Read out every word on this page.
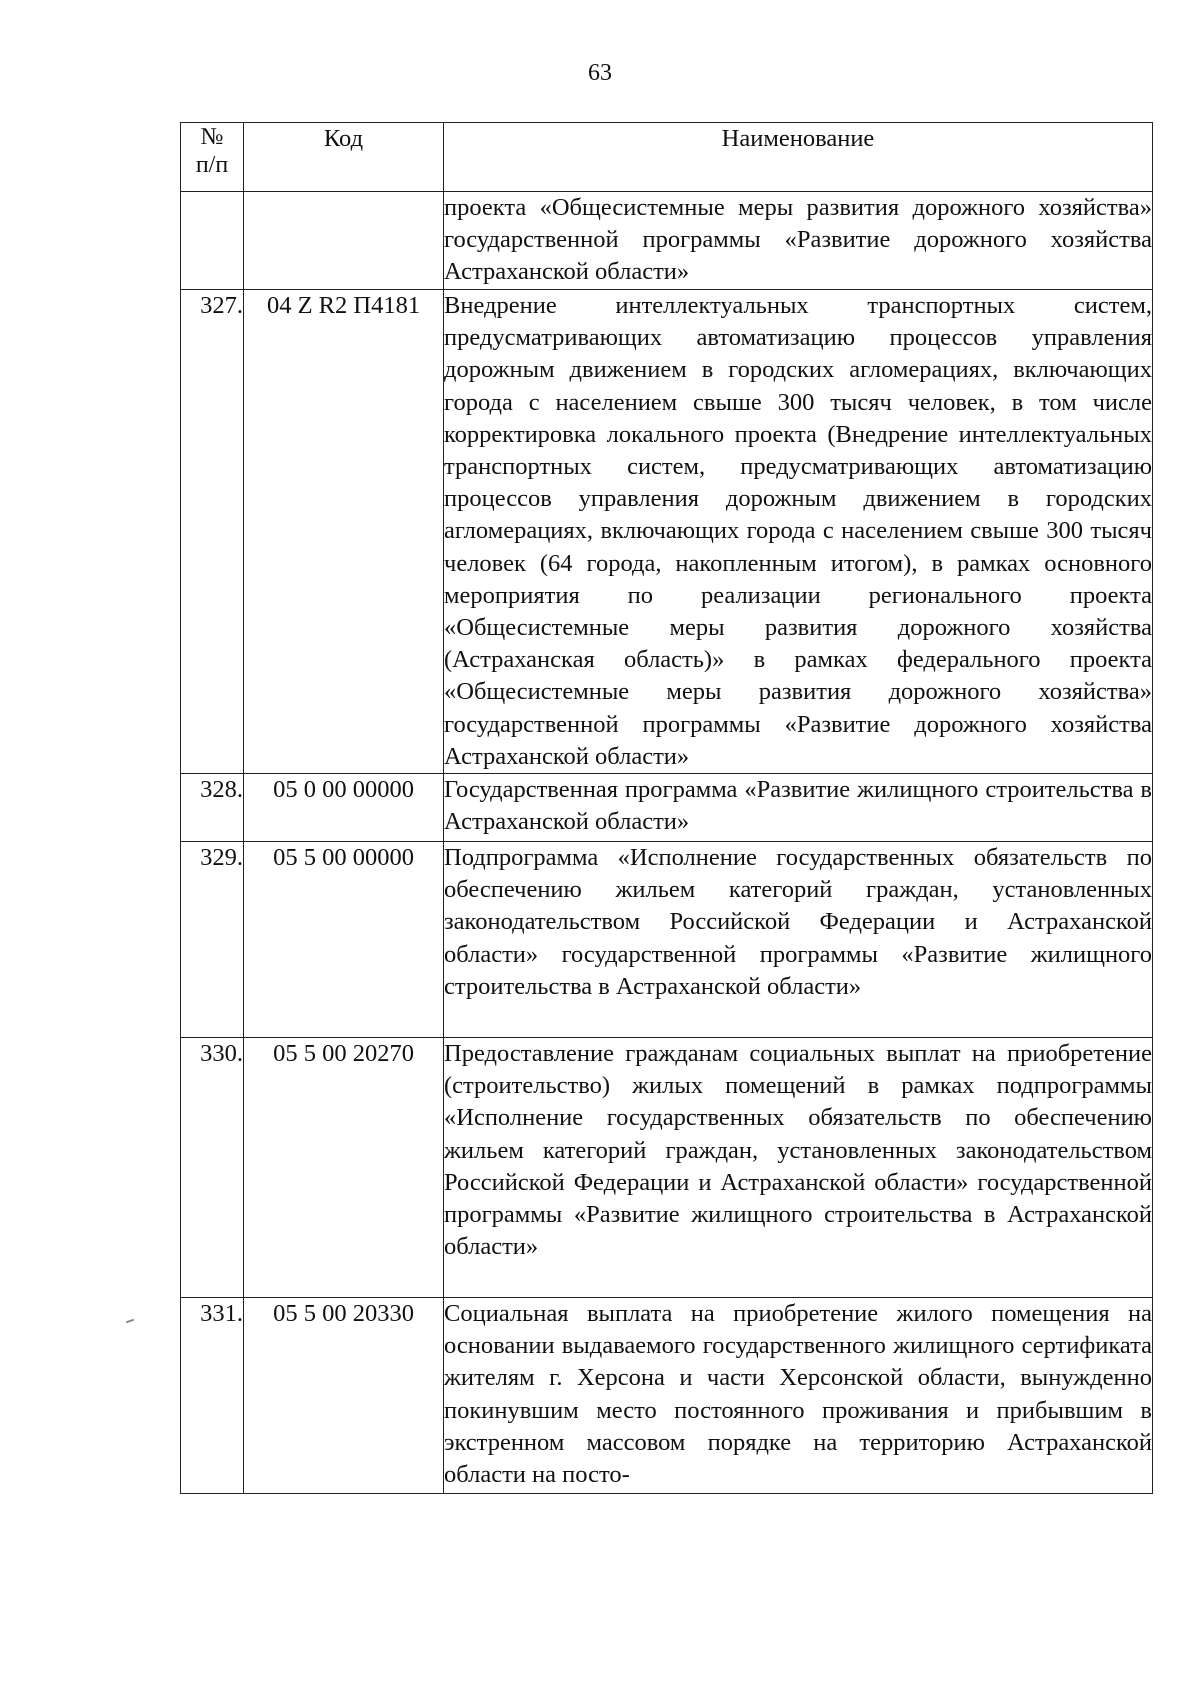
63
№
п/п	Код	Наименование
		проекта «Общесистемные меры развития дорожного хозяйства» государственной программы «Развитие дорожного хозяйства Астраханской области»
327.	04 Z R2 П4181	Внедрение интеллектуальных транспортных систем, предусматривающих автоматизацию процессов управления дорожным движением в городских агломерациях, включающих города с населением свыше 300 тысяч человек, в том числе корректировка локального проекта (Внедрение интеллектуальных транспортных систем, предусматривающих автоматизацию процессов управления дорожным движением в городских агломерациях, включающих города с населением свыше 300 тысяч человек (64 города, накопленным итогом), в рамках основного мероприятия по реализации регионального проекта «Общесистемные меры развития дорожного хозяйства (Астраханская область)» в рамках федерального проекта «Общесистемные меры развития дорожного хозяйства» государственной программы «Развитие дорожного хозяйства Астраханской области»
328.	05 0 00 00000	Государственная программа «Развитие жилищного строительства в Астраханской области»
329.	05 5 00 00000	Подпрограмма «Исполнение государственных обязательств по обеспечению жильем категорий граждан, установленных законодательством Российской Федерации и Астраханской области» государственной программы «Развитие жилищного строительства в Астраханской области»
330.	05 5 00 20270	Предоставление гражданам социальных выплат на приобретение (строительство) жилых помещений в рамках подпрограммы «Исполнение государственных обязательств по обеспечению жильем категорий граждан, установленных законодательством Российской Федерации и Астраханской области» государственной программы «Развитие жилищного строительства в Астраханской области»
331.	05 5 00 20330	Социальная выплата на приобретение жилого помещения на основании выдаваемого государственного жилищного сертификата жителям г. Херсона и части Херсонской области, вынужденно покинувшим место постоянного проживания и прибывшим в экстренном массовом порядке на территорию Астраханской области на посто-
